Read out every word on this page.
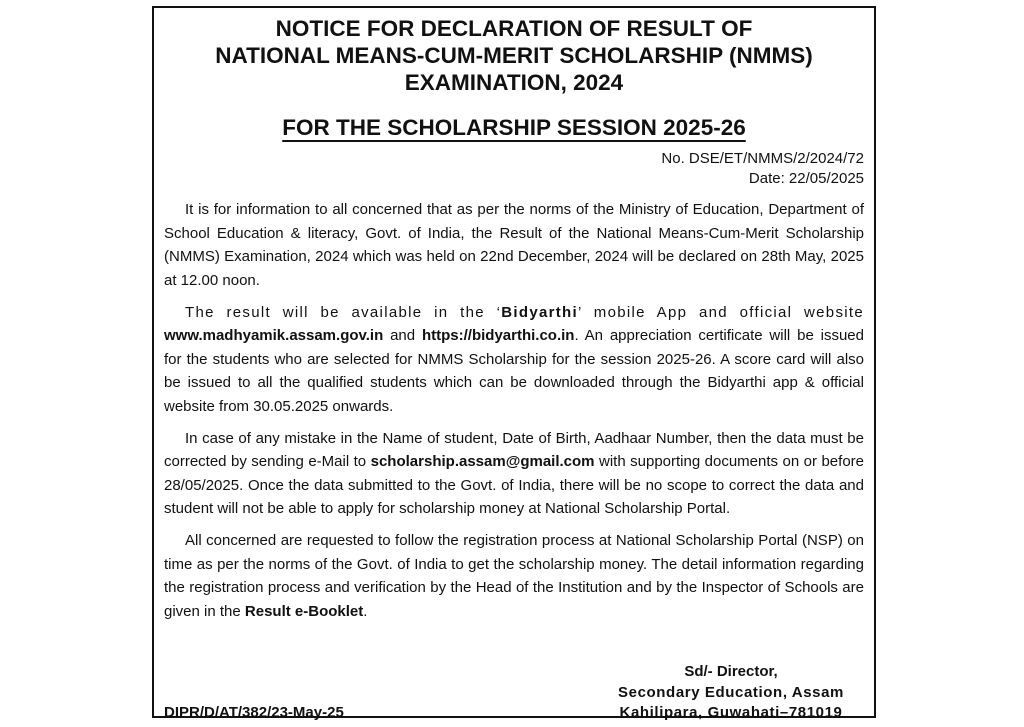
NOTICE FOR DECLARATION OF RESULT OF
NATIONAL MEANS-CUM-MERIT SCHOLARSHIP (NMMS)
EXAMINATION, 2024
FOR THE SCHOLARSHIP SESSION 2025-26
No. DSE/ET/NMMS/2/2024/72
Date: 22/05/2025

It is for information to all concerned that as per the norms of the Ministry of Education, Department of School Education & literacy, Govt. of India, the Result of the National Means-Cum-Merit Scholarship (NMMS) Examination, 2024 which was held on 22nd December, 2024 will be declared on 28th May, 2025 at 12.00 noon.

The result will be available in the ‘Bidyarthi’ mobile App and official website www.madhyamik.assam.gov.in and https://bidyarthi.co.in. An appreciation certificate will be issued for the students who are selected for NMMS Scholarship for the session 2025-26. A score card will also be issued to all the qualified students which can be downloaded through the Bidyarthi app & official website from 30.05.2025 onwards.

In case of any mistake in the Name of student, Date of Birth, Aadhaar Number, then the data must be corrected by sending e-Mail to scholarship.assam@gmail.com with supporting documents on or before 28/05/2025. Once the data submitted to the Govt. of India, there will be no scope to correct the data and student will not be able to apply for scholarship money at National Scholarship Portal.

All concerned are requested to follow the registration process at National Scholarship Portal (NSP) on time as per the norms of the Govt. of India to get the scholarship money. The detail information regarding the registration process and verification by the Head of the Institution and by the Inspector of Schools are given in the Result e-Booklet.

Sd/- Director,
Secondary Education, Assam
Kahilipara, Guwahati–781019
DIPR/D/AT/382/23-May-25
